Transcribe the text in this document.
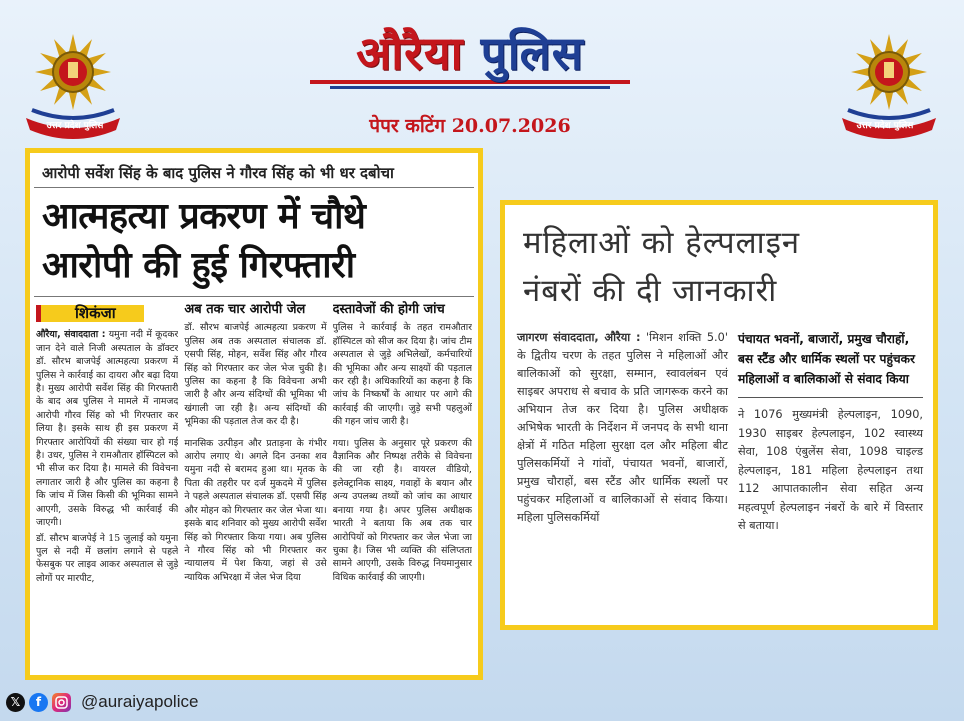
उत्तर प्रदेश पुलिस	उत्तर प्रदेश पुलिस
औरैया पुलिस
पेपर कटिंग 20.07.2026
आरोपी सर्वेश सिंह के बाद पुलिस ने गौरव सिंह को भी धर दबोचा
आत्महत्या प्रकरण में चौथे
आरोपी की हुई गिरफ्तारी
शिकंजा
औरैया, संवाददाता : यमुना नदी में कूदकर जान देने वाले निजी अस्पताल के डॉक्टर डॉ. सौरभ बाजपेई आत्महत्या प्रकरण में पुलिस ने कार्रवाई का दायरा और बढ़ा दिया है। मुख्य आरोपी सर्वेश सिंह की गिरफ्तारी के बाद अब पुलिस ने मामले में नामजद आरोपी गौरव सिंह को भी गिरफ्तार कर लिया है। इसके साथ ही इस प्रकरण में गिरफ्तार आरोपियों की संख्या चार हो गई है। उधर, पुलिस ने रामऔतार हॉस्पिटल को भी सीज कर दिया है। मामले की विवेचना लगातार जारी है और पुलिस का कहना है कि जांच में जिस किसी की भूमिका सामने आएगी, उसके विरुद्ध भी कार्रवाई की जाएगी।
डॉ. सौरभ बाजपेई ने 15 जुलाई को यमुना पुल से नदी में छलांग लगाने से पहले फेसबुक पर लाइव आकर अस्पताल से जुड़े लोगों पर मारपीट,
अब तक चार आरोपी जेल
डॉ. सौरभ बाजपेई आत्महत्या प्रकरण में पुलिस अब तक अस्पताल संचालक डॉ. एसपी सिंह, मोहन, सर्वेश सिंह और गौरव सिंह को गिरफ्तार कर जेल भेज चुकी है। पुलिस का कहना है कि विवेचना अभी जारी है और अन्य संदिग्धों की भूमिका भी खंगाली जा रही है। अन्य संदिग्धों की भूमिका की पड़ताल तेज कर दी है।
मानसिक उत्पीड़न और प्रताड़ना के गंभीर आरोप लगाए थे। अगले दिन उनका शव यमुना नदी से बरामद हुआ था। मृतक के पिता की तहरीर पर दर्ज मुकदमे में पुलिस ने पहले अस्पताल संचालक डॉ. एसपी सिंह और मोहन को गिरफ्तार कर जेल भेजा था। इसके बाद शनिवार को मुख्य आरोपी सर्वेश सिंह को गिरफ्तार किया गया। अब पुलिस ने गौरव सिंह को भी गिरफ्तार कर न्यायालय में पेश किया, जहां से उसे न्यायिक अभिरक्षा में जेल भेज दिया
दस्तावेजों की होगी जांच
पुलिस ने कार्रवाई के तहत रामऔतार हॉस्पिटल को सीज कर दिया है। जांच टीम अस्पताल से जुड़े अभिलेखों, कर्मचारियों की भूमिका और अन्य साक्ष्यों की पड़ताल कर रही है। अधिकारियों का कहना है कि जांच के निष्कर्षों के आधार पर आगे की कार्रवाई की जाएगी। जुड़े सभी पहलुओं की गहन जांच जारी है।
गया। पुलिस के अनुसार पूरे प्रकरण की वैज्ञानिक और निष्पक्ष तरीके से विवेचना की जा रही है। वायरल वीडियो, इलेक्ट्रानिक साक्ष्य, गवाहों के बयान और अन्य उपलब्ध तथ्यों को जांच का आधार बनाया गया है। अपर पुलिस अधीक्षक भारती ने बताया कि अब तक चार आरोपियों को गिरफ्तार कर जेल भेजा जा चुका है। जिस भी व्यक्ति की संलिप्तता सामने आएगी, उसके विरुद्ध नियमानुसार विधिक कार्रवाई की जाएगी।
महिलाओं को हेल्पलाइन
नंबरों की दी जानकारी
जागरण संवाददाता, औरैया : 'मिशन शक्ति 5.0' के द्वितीय चरण के तहत पुलिस ने महिलाओं और बालिकाओं को सुरक्षा, सम्मान, स्वावलंबन एवं साइबर अपराध से बचाव के प्रति जागरूक करने का अभियान तेज कर दिया है। पुलिस अधीक्षक अभिषेक भारती के निर्देशन में जनपद के सभी थाना क्षेत्रों में गठित महिला सुरक्षा दल और महिला बीट पुलिसकर्मियों ने गांवों, पंचायत भवनों, बाजारों, प्रमुख चौराहों, बस स्टैंड और धार्मिक स्थलों पर पहुंचकर महिलाओं व बालिकाओं से संवाद किया। महिला पुलिसकर्मियों
पंचायत भवनों, बाजारों, प्रमुख चौराहों, बस स्टैंड और धार्मिक स्थलों पर पहुंचकर महिलाओं व बालिकाओं से संवाद किया
ने 1076 मुख्यमंत्री हेल्पलाइन, 1090, 1930 साइबर हेल्पलाइन, 102 स्वास्थ्य सेवा, 108 एंबुलेंस सेवा, 1098 चाइल्ड हेल्पलाइन, 181 महिला हेल्पलाइन तथा 112 आपातकालीन सेवा सहित अन्य महत्वपूर्ण हेल्पलाइन नंबरों के बारे में विस्तार से बताया।
𝕏	f	@auraiyapolice
